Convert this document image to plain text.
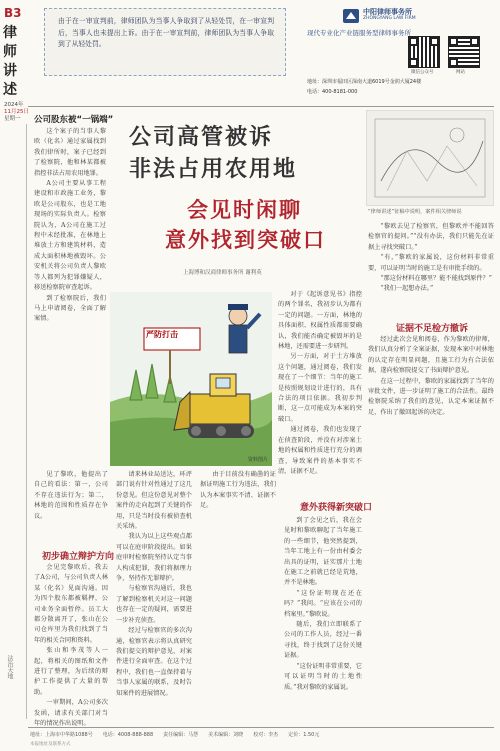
B3
律师
讲述
2024年
11月25日
星期一
法治天地
由于在一审宣判前，律师团队为当事人争取到了从轻处罚，在一审宣判后，当事人也未提出上诉。由于在一审宣判前，律师团队为当事人争取到了从轻处罚。
中阳律师事务所
ZHONGYANG LAW FIRM
现代专业化产业链服务型律师事务所
微信公众号	网站
地址：深圳市福田区深南大道6019号金润大厦24楼
电话：400-8181-000
公司股东被“一锅端”

这个案子的当事人黎欧（化名）通过家属找到我们律所时，案子已经到了检察院，他和林某都被指控非法占用农用地罪。

A公司主要从事工程建设和市政施工业务，黎欧是公司股东，也是工地现场的实际负责人。检察院认为，A公司在施工过程中未经批准，在林地上堆放土方和建筑材料，造成大面积林地被毁坏。公安机关将公司负责人黎欧等人都列为犯罪嫌疑人，移送检察院审查起诉。

到了检察院后，我们马上申请阅卷，全面了解案情。

公司高管被诉
非法占用农用地
会见时闲聊
意外找到突破口
上海博和汉商律师事务所 谢利英
“律师讲述”征稿中说明，案件相关律师说

“黎欧去见了检察官，但黎欧并不能回答检察官的提问。”“没有办法，我们只能先在证据上寻找突破口。”

“有，”黎欧的家属说，这份材料非常重要，可以证明当时的施工是有审批手续的。

“那这份材料在哪里？能不能找到原件？”

“我们一起想办法。”

证据不足检方撤诉

经过此次会见和阅卷，作为黎欧的律师，我们认真分析了全案证据，发现本案中对林地的认定存在明显问题，且施工行为有合法依据，遂向检察院提交了书面辩护意见。

在这一过程中，黎欧的家属找到了当年的审批文件，进一步证明了施工的合法性。最终检察院采纳了我们的意见，认定本案证据不足，作出了撤回起诉的决定。

严防打击
资料图片

对于《起诉意见书》指控的两个罪名，我初步认为都有一定的问题。一方面，林地的具体面积、权属性质都需要确认，我们能否确定被毁坏的是林地，还需要进一步研判。

另一方面，对于土方堆放这个问题，通过阅卷，我们发现在了一个细节：当年的施工是按照规划设计进行的，具有合法的项目依据。我初步判断，这一点可能成为本案的突破口。

通过阅卷，我们也发现了在侦查阶段，并没有对涉案土地的权属和性质进行充分的调查，导致案件的基本事实不清，证据不足。

见了黎欧，他提出了自己的看法：第一，公司不存在违法行为；第二，林地的范围和性质存在争议。

初步确立辩护方向

会见完黎欧后，我去了A公司，与公司负责人林某（化名）见面沟通。因为四个股东都被羁押，公司业务全面暂停。员工大都分散离开了，张山在公司仓库里为我们找到了当年的相关合同和资料。

张山和李茂等人一起，将相关的图纸和文件进行了整理，为后续的辩护工作提供了大量的帮助。

一审期间，A公司多次发函，请求有关部门对当年的情况作出说明。

请来林业局送达，环评部门说有针对性通过了这几份意见。但这份意见对整个案件的走向起到了关键的作用，只是当时没有被侦查机关采纳。

我认为以上这些观点都可以在庭审阶段提出。如果庭审时检察院坚持认定当事人构成犯罪，我们将据理力争，坚持作无罪辩护。

与检察官沟通后，我也了解到检察机关对这一问题也存在一定的疑问，需要进一步补充侦查。

经过与检察官的多次沟通，检察官表示将认真研究我们提交的辩护意见，对案件进行全面审查。在这个过程中，我们也一直保持着与当事人家属的联系，及时告知案件的进展情况。

由于目前没有确凿的证据证明施工行为违法，我们认为本案事实不清、证据不足。	意外获得新突破口

到了会见之后，我在会见时和黎欧聊起了当年施工的一些细节，他突然提到，当年工地上有一份由村委会出具的证明，证实那片土地在施工之前就已经是荒地，并不是林地。

“这份证明现在还在吗？”我问。“应该在公司的档案里。”黎欧说。

随后，我们立即联系了公司的工作人员，经过一番寻找，终于找到了这份关键证据。

“这份证明非常重要，它可以证明当时的土地性质。”我对黎欧的家属说。

地址：上海市中华路1088号 电话：4008-888-888 责任编辑：马慧 美术编辑：刘晓 校对：李杰 定价：1.50元
本报地址及联系方式
